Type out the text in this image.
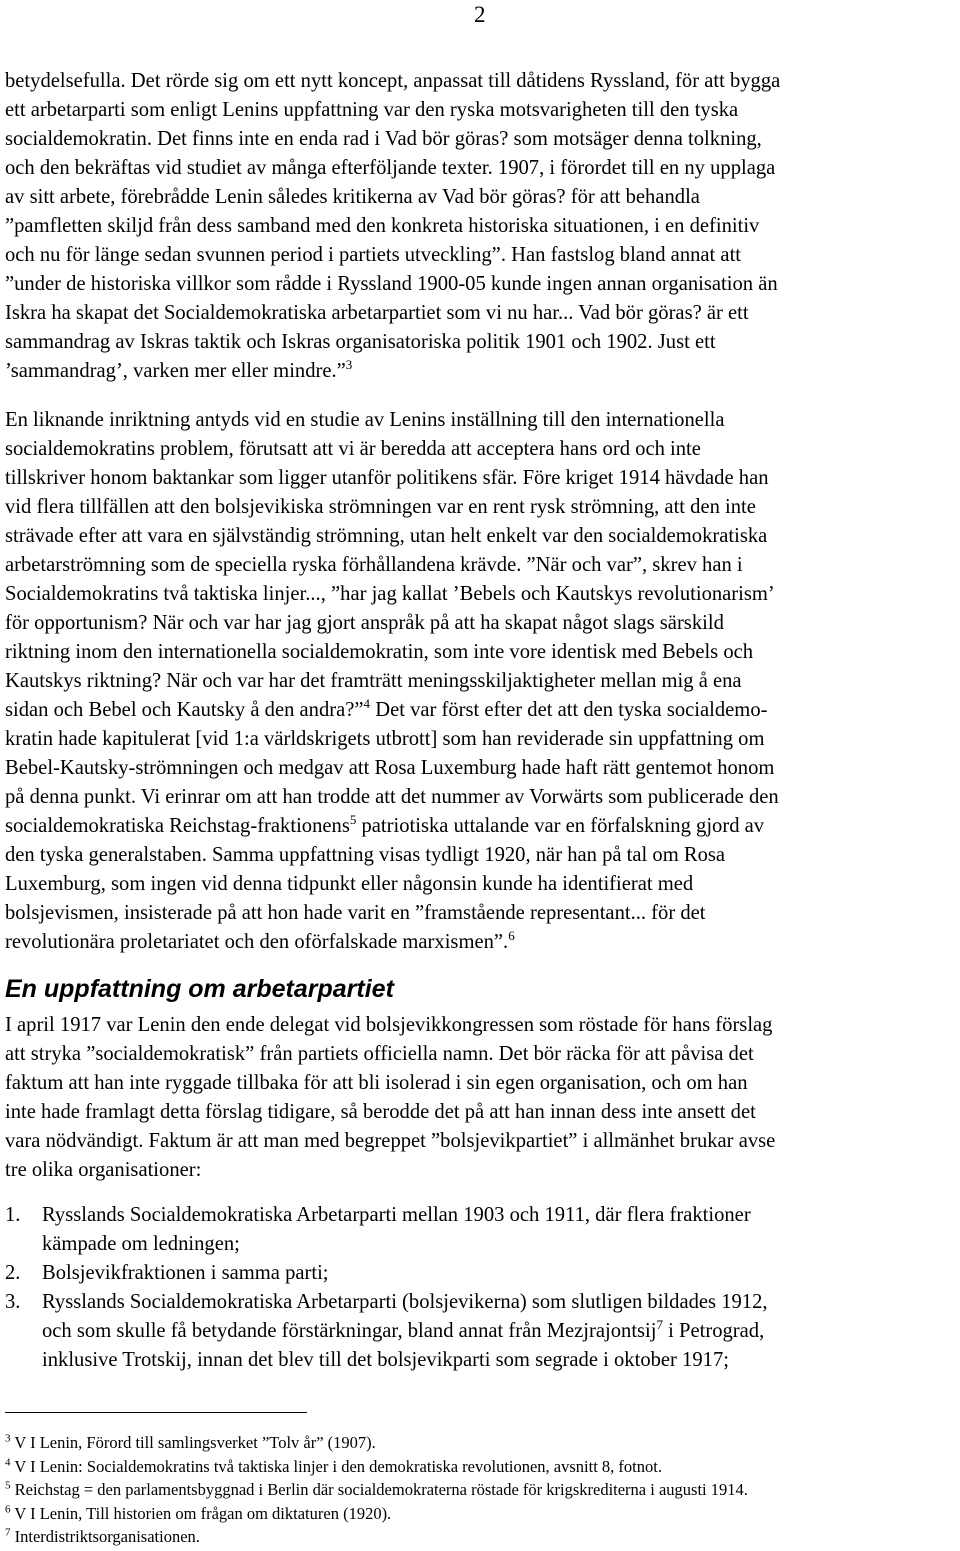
2

betydelsefulla. Det rörde sig om ett nytt koncept, anpassat till dåtidens Ryssland, för att bygga
ett arbetarparti som enligt Lenins uppfattning var den ryska motsvarigheten till den tyska
socialdemokratin. Det finns inte en enda rad i Vad bör göras? som motsäger denna tolkning,
och den bekräftas vid studiet av många efterföljande texter. 1907, i förordet till en ny upplaga
av sitt arbete, förebrådde Lenin således kritikerna av Vad bör göras? för att behandla
”pamfletten skiljd från dess samband med den konkreta historiska situationen, i en definitiv
och nu för länge sedan svunnen period i partiets utveckling”. Han fastslog bland annat att
”under de historiska villkor som rådde i Ryssland 1900-05 kunde ingen annan organisation än
Iskra ha skapat det Socialdemokratiska arbetarpartiet som vi nu har... Vad bör göras? är ett
sammandrag av Iskras taktik och Iskras organisatoriska politik 1901 och 1902. Just ett
’sammandrag’, varken mer eller mindre.”$^3$

En liknande inriktning antyds vid en studie av Lenins inställning till den internationella
socialdemokratins problem, förutsatt att vi är beredda att acceptera hans ord och inte
tillskriver honom baktankar som ligger utanför politikens sfär. Före kriget 1914 hävdade han
vid flera tillfällen att den bolsjevikiska strömningen var en rent rysk strömning, att den inte
strävade efter att vara en självständig strömning, utan helt enkelt var den socialdemokratiska
arbetarströmning som de speciella ryska förhållandena krävde. ”När och var”, skrev han i
Socialdemokratins två taktiska linjer..., ”har jag kallat ’Bebels och Kautskys revolutionarism’
för opportunism? När och var har jag gjort anspråk på att ha skapat något slags särskild
riktning inom den internationella socialdemokratin, som inte vore identisk med Bebels och
Kautskys riktning? När och var har det framträtt meningsskiljaktigheter mellan mig å ena
sidan och Bebel och Kautsky å den andra?”$^4$ Det var först efter det att den tyska socialdemo-
kratin hade kapitulerat [vid 1:a världskrigets utbrott] som han reviderade sin uppfattning om
Bebel-Kautsky-strömningen och medgav att Rosa Luxemburg hade haft rätt gentemot honom
på denna punkt. Vi erinrar om att han trodde att det nummer av Vorwärts som publicerade den
socialdemokratiska Reichstag-fraktionens$^5$ patriotiska uttalande var en förfalskning gjord av
den tyska generalstaben. Samma uppfattning visas tydligt 1920, när han på tal om Rosa
Luxemburg, som ingen vid denna tidpunkt eller någonsin kunde ha identifierat med
bolsjevismen, insisterade på att hon hade varit en ”framstående representant... för det
revolutionära proletariatet och den oförfalskade marxismen”.$^6$

En uppfattning om arbetarpartiet

I april 1917 var Lenin den ende delegat vid bolsjevikkongressen som röstade för hans förslag
att stryka ”socialdemokratisk” från partiets officiella namn. Det bör räcka för att påvisa det
faktum att han inte ryggade tillbaka för att bli isolerad i sin egen organisation, och om han
inte hade framlagt detta förslag tidigare, så berodde det på att han innan dess inte ansett det
vara nödvändigt. Faktum är att man med begreppet ”bolsjevikpartiet” i allmänhet brukar avse
tre olika organisationer:

1. Rysslands Socialdemokratiska Arbetarparti mellan 1903 och 1911, där flera fraktioner
kämpade om ledningen;
2. Bolsjevikfraktionen i samma parti;
3. Rysslands Socialdemokratiska Arbetarparti (bolsjevikerna) som slutligen bildades 1912,
och som skulle få betydande förstärkningar, bland annat från Mezjrajontsij$^7$ i Petrograd,
inklusive Trotskij, innan det blev till det bolsjevikparti som segrade i oktober 1917;
$^3$ V I Lenin, Förord till samlingsverket ”Tolv år” (1907).
$^4$ V I Lenin: Socialdemokratins två taktiska linjer i den demokratiska revolutionen, avsnitt 8, fotnot.
$^5$ Reichstag = den parlamentsbyggnad i Berlin där socialdemokraterna röstade för krigskrediterna i augusti 1914.
$^6$ V I Lenin, Till historien om frågan om diktaturen (1920).
$^7$ Interdistriktsorganisationen.
